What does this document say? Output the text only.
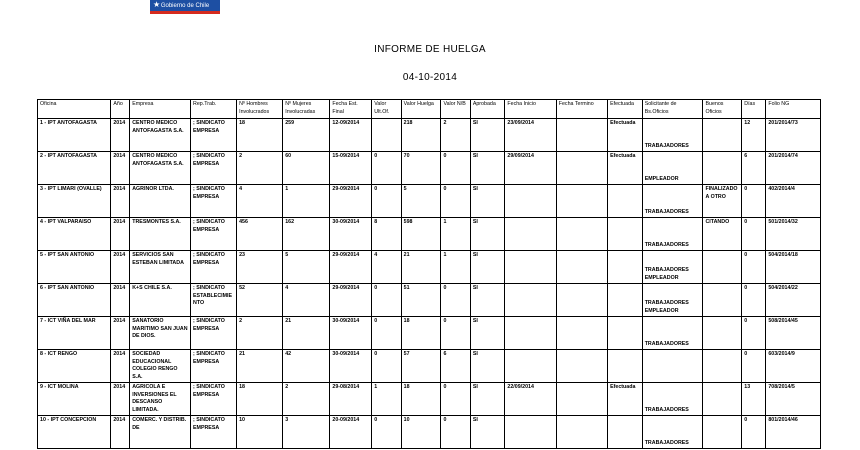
★ Gobierno de Chile
INFORME DE HUELGA
04-10-2014
Oficina	Año	Empresa	Rep.Trab.	Nº Hombres Involucrados	Nº Mujeres Involucradas	Fecha Est. Final	Valor Ult.Of.	Valor Huelga	Valor N/B	Aprobada	Fecha Inicio	Fecha Termino	Efectuada	Solicitante de Bs.Oficios	Buenos Oficios	Días	Folio NG
1 - IPT ANTOFAGASTA	2014	CENTRO MEDICO ANTOFAGASTA S.A.	; SINDICATO EMPRESA	18	259	12-09/2014		218	2	SI	23/09/2014		Efectuada	TRABAJADORES		12	201/2014/73
2 - IPT ANTOFAGASTA	2014	CENTRO MEDICO ANTOFAGASTA S.A.	; SINDICATO EMPRESA	2	60	15-09/2014	0	70	0	SI	29/09/2014		Efectuada	EMPLEADOR		6	201/2014/74
3 - IPT LIMARI (OVALLE)	2014	AGRINOR LTDA.	; SINDICATO EMPRESA	4	1	29-09/2014	0	5	0	SI				TRABAJADORES	FINALIZADO A OTRO	0	402/2014/4
4 - IPT VALPARAISO	2014	TRESMONTES S.A.	; SINDICATO EMPRESA	456	162	30-09/2014	8	598	1	SI				TRABAJADORES	CITANDO	0	501/2014/32
5 - IPT SAN ANTONIO	2014	SERVICIOS SAN ESTEBAN LIMITADA	; SINDICATO EMPRESA	23	5	29-09/2014	4	21	1	SI				TRABAJADORES EMPLEADOR		0	504/2014/18
6 - IPT SAN ANTONIO	2014	K+S CHILE S.A.	; SINDICATO ESTABLECIMIENTO	52	4	29-09/2014	0	51	0	SI				TRABAJADORES EMPLEADOR		0	504/2014/22
7 - ICT VIÑA DEL MAR	2014	SANATORIO MARITIMO SAN JUAN DE DIOS.	; SINDICATO EMPRESA	2	21	30-09/2014	0	18	0	SI				TRABAJADORES		0	508/2014/45
8 - ICT RENGO	2014	SOCIEDAD EDUCACIONAL COLEGIO RENGO S.A.	; SINDICATO EMPRESA	21	42	30-09/2014	0	57	6	SI						0	603/2014/9
9 - ICT MOLINA	2014	AGRICOLA E INVERSIONES EL DESCANSO LIMITADA.	; SINDICATO EMPRESA	18	2	29-08/2014	1	18	0	SI	22/09/2014		Efectuada	TRABAJADORES		13	708/2014/5
10 - IPT CONCEPCION	2014	COMERC. Y DISTRIB. DE	; SINDICATO EMPRESA	10	3	20-09/2014	0	10	0	SI				TRABAJADORES		0	801/2014/46
